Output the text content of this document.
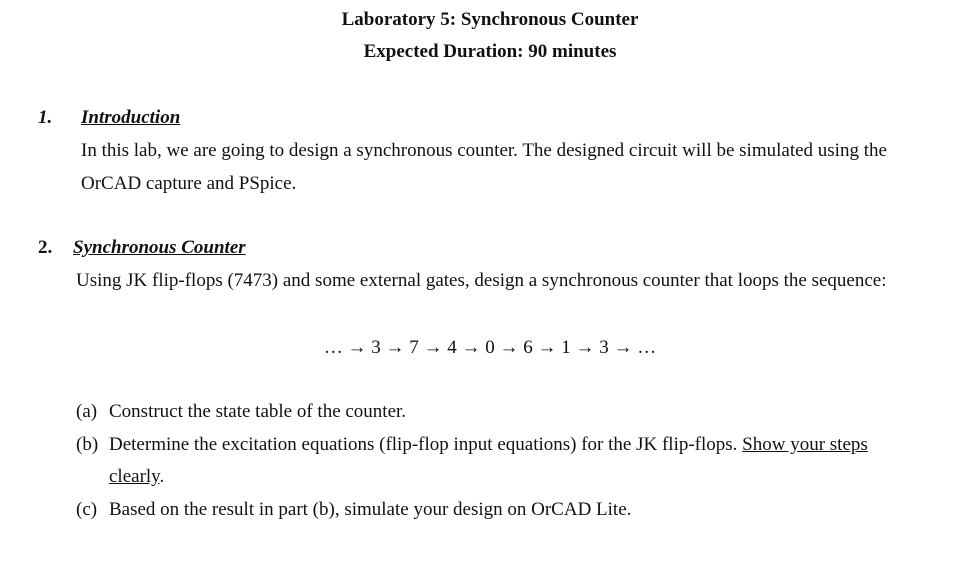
Laboratory 5: Synchronous Counter
Expected Duration: 90 minutes
1. Introduction
In this lab, we are going to design a synchronous counter. The designed circuit will be simulated using the
OrCAD capture and PSpice.
2. Synchronous Counter
Using JK flip-flops (7473) and some external gates, design a synchronous counter that loops the sequence:
… → 3 → 7 → 4 → 0 → 6 → 1 → 3 → …
(a) Construct the state table of the counter.
(b) Determine the excitation equations (flip-flop input equations) for the JK flip-flops. Show your steps
clearly.
(c) Based on the result in part (b), simulate your design on OrCAD Lite.
